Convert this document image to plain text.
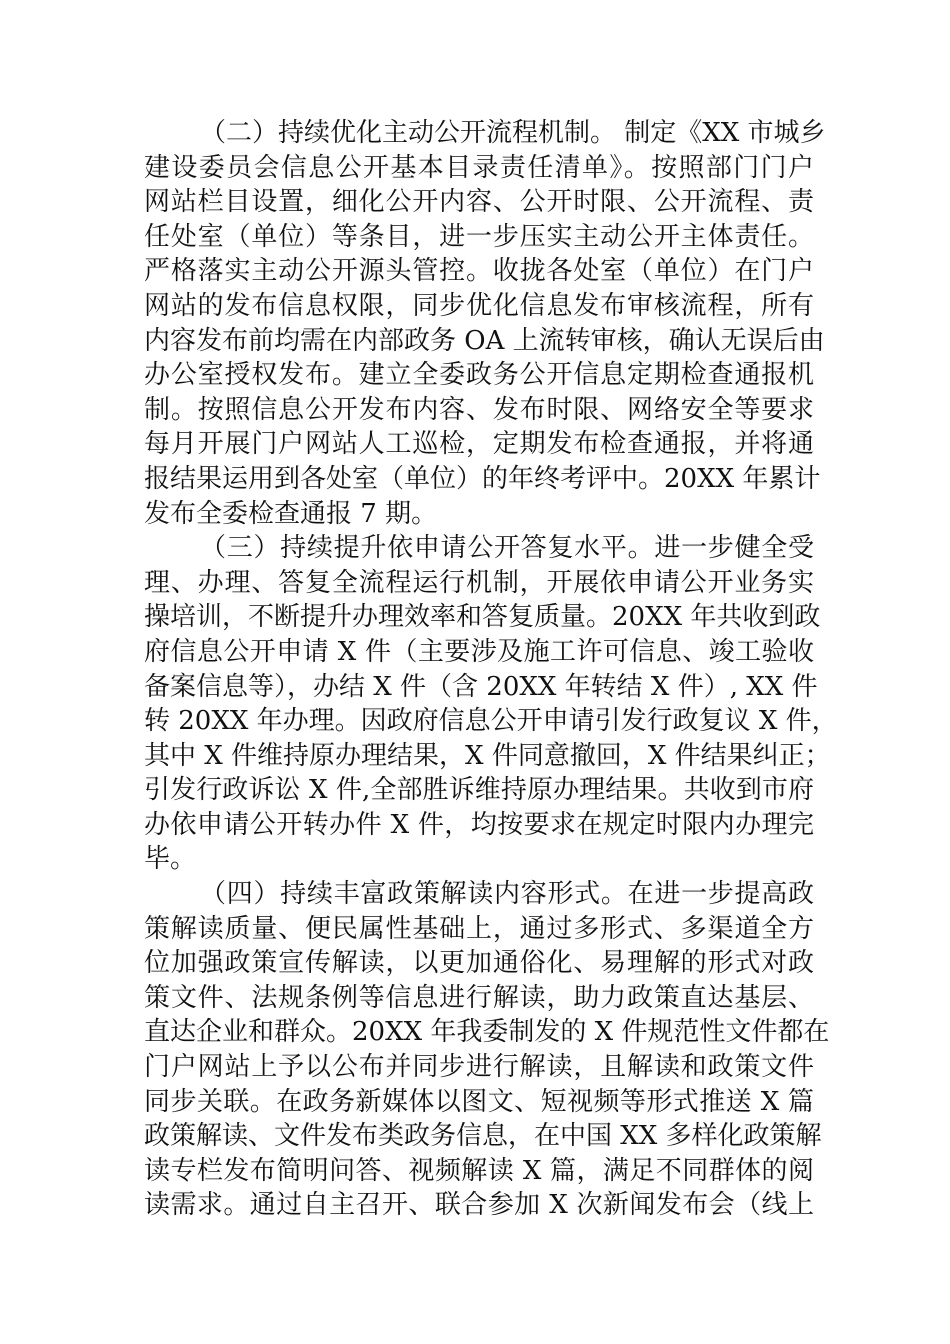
（二）持续优化主动公开流程机制。 制定《XX 市城乡
建设委员会信息公开基本目录责任清单》。按照部门门户
网站栏目设置，细化公开内容、公开时限、公开流程、责
任处室（单位）等条目，进一步压实主动公开主体责任。
严格落实主动公开源头管控。收拢各处室（单位）在门户
网站的发布信息权限，同步优化信息发布审核流程，所有
内容发布前均需在内部政务 OA 上流转审核，确认无误后由
办公室授权发布。建立全委政务公开信息定期检查通报机
制。按照信息公开发布内容、发布时限、网络安全等要求
每月开展门户网站人工巡检，定期发布检查通报，并将通
报结果运用到各处室（单位）的年终考评中。20XX 年累计
发布全委检查通报 7 期。
（三）持续提升依申请公开答复水平。进一步健全受
理、办理、答复全流程运行机制，开展依申请公开业务实
操培训，不断提升办理效率和答复质量。20XX 年共收到政
府信息公开申请 X 件（主要涉及施工许可信息、竣工验收
备案信息等），办结 X 件（含 20XX 年转结 X 件）, XX 件
转 20XX 年办理。因政府信息公开申请引发行政复议 X 件，
其中 X 件维持原办理结果，X 件同意撤回，X 件结果纠正；
引发行政诉讼 X 件,全部胜诉维持原办理结果。共收到市府
办依申请公开转办件 X 件，均按要求在规定时限内办理完
毕。
（四）持续丰富政策解读内容形式。在进一步提高政
策解读质量、便民属性基础上，通过多形式、多渠道全方
位加强政策宣传解读，以更加通俗化、易理解的形式对政
策文件、法规条例等信息进行解读，助力政策直达基层、
直达企业和群众。20XX 年我委制发的 X 件规范性文件都在
门户网站上予以公布并同步进行解读，且解读和政策文件
同步关联。在政务新媒体以图文、短视频等形式推送 X 篇
政策解读、文件发布类政务信息，在中国 XX 多样化政策解
读专栏发布简明问答、视频解读 X 篇，满足不同群体的阅
读需求。通过自主召开、联合参加 X 次新闻发布会（线上
